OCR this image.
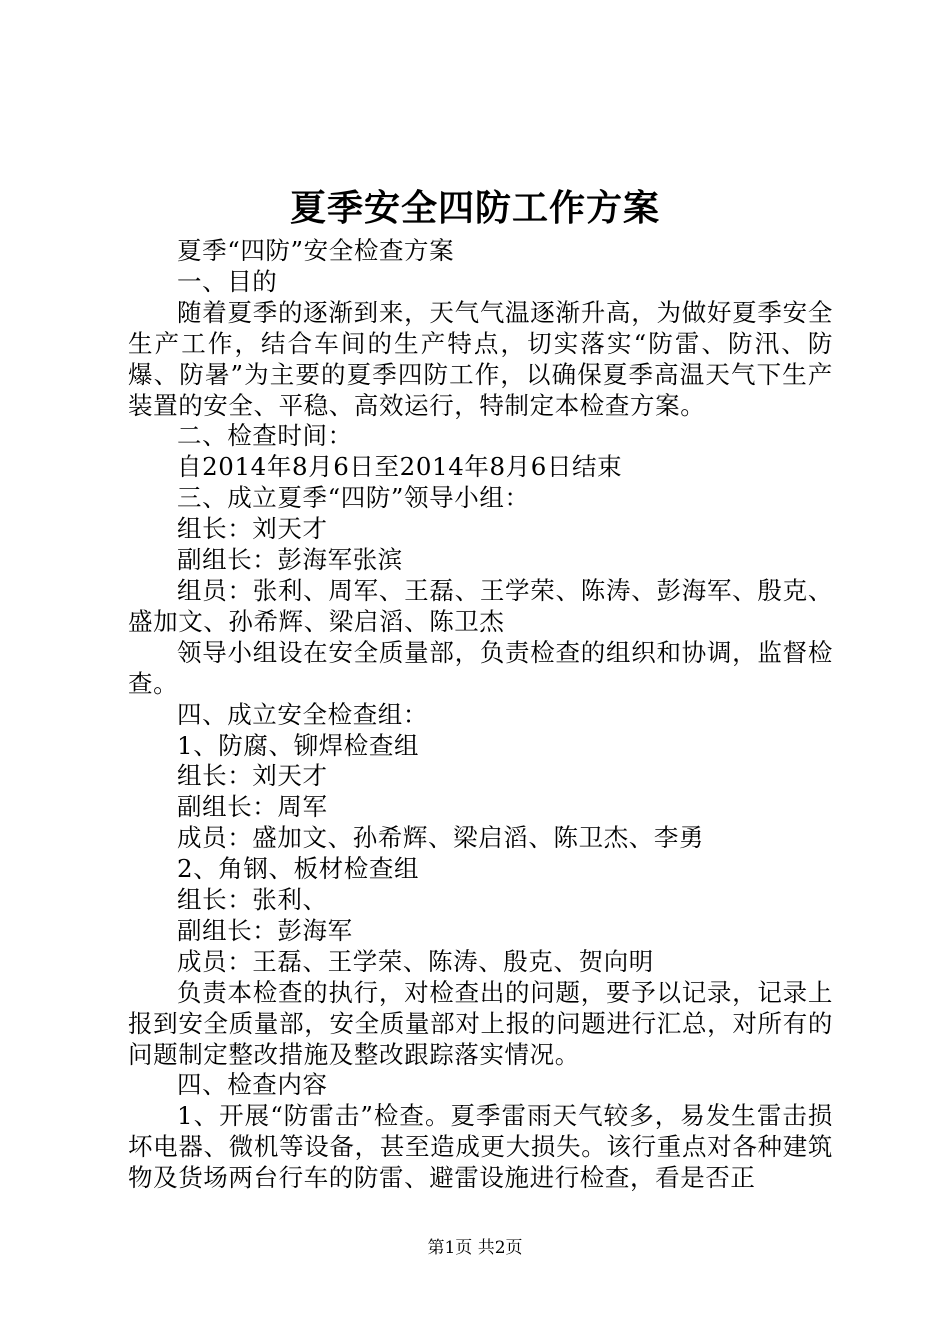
夏季安全四防工作方案

夏季“四防”安全检查方案

一、目的

随着夏季的逐渐到来，天气气温逐渐升高，为做好夏季安全生产工作，结合车间的生产特点，切实落实“防雷、防汛、防爆、防暑”为主要的夏季四防工作，以确保夏季高温天气下生产装置的安全、平稳、高效运行，特制定本检查方案。

二、检查时间：

自2014年8月6日至2014年8月6日结束

三、成立夏季“四防”领导小组：

组长：刘天才

副组长：彭海军张滨

组员：张利、周军、王磊、王学荣、陈涛、彭海军、殷克、盛加文、孙希辉、梁启滔、陈卫杰

领导小组设在安全质量部，负责检查的组织和协调，监督检查。

四、成立安全检查组：

1、防腐、铆焊检查组

组长：刘天才

副组长：周军

成员：盛加文、孙希辉、梁启滔、陈卫杰、李勇

2、角钢、板材检查组

组长：张利、

副组长：彭海军

成员：王磊、王学荣、陈涛、殷克、贺向明

负责本检查的执行，对检查出的问题，要予以记录，记录上报到安全质量部，安全质量部对上报的问题进行汇总，对所有的问题制定整改措施及整改跟踪落实情况。

四、检查内容

1、开展“防雷击”检查。夏季雷雨天气较多，易发生雷击损坏电器、微机等设备，甚至造成更大损失。该行重点对各种建筑物及货场两台行车的防雷、避雷设施进行检查，看是否正

第1页 共2页
